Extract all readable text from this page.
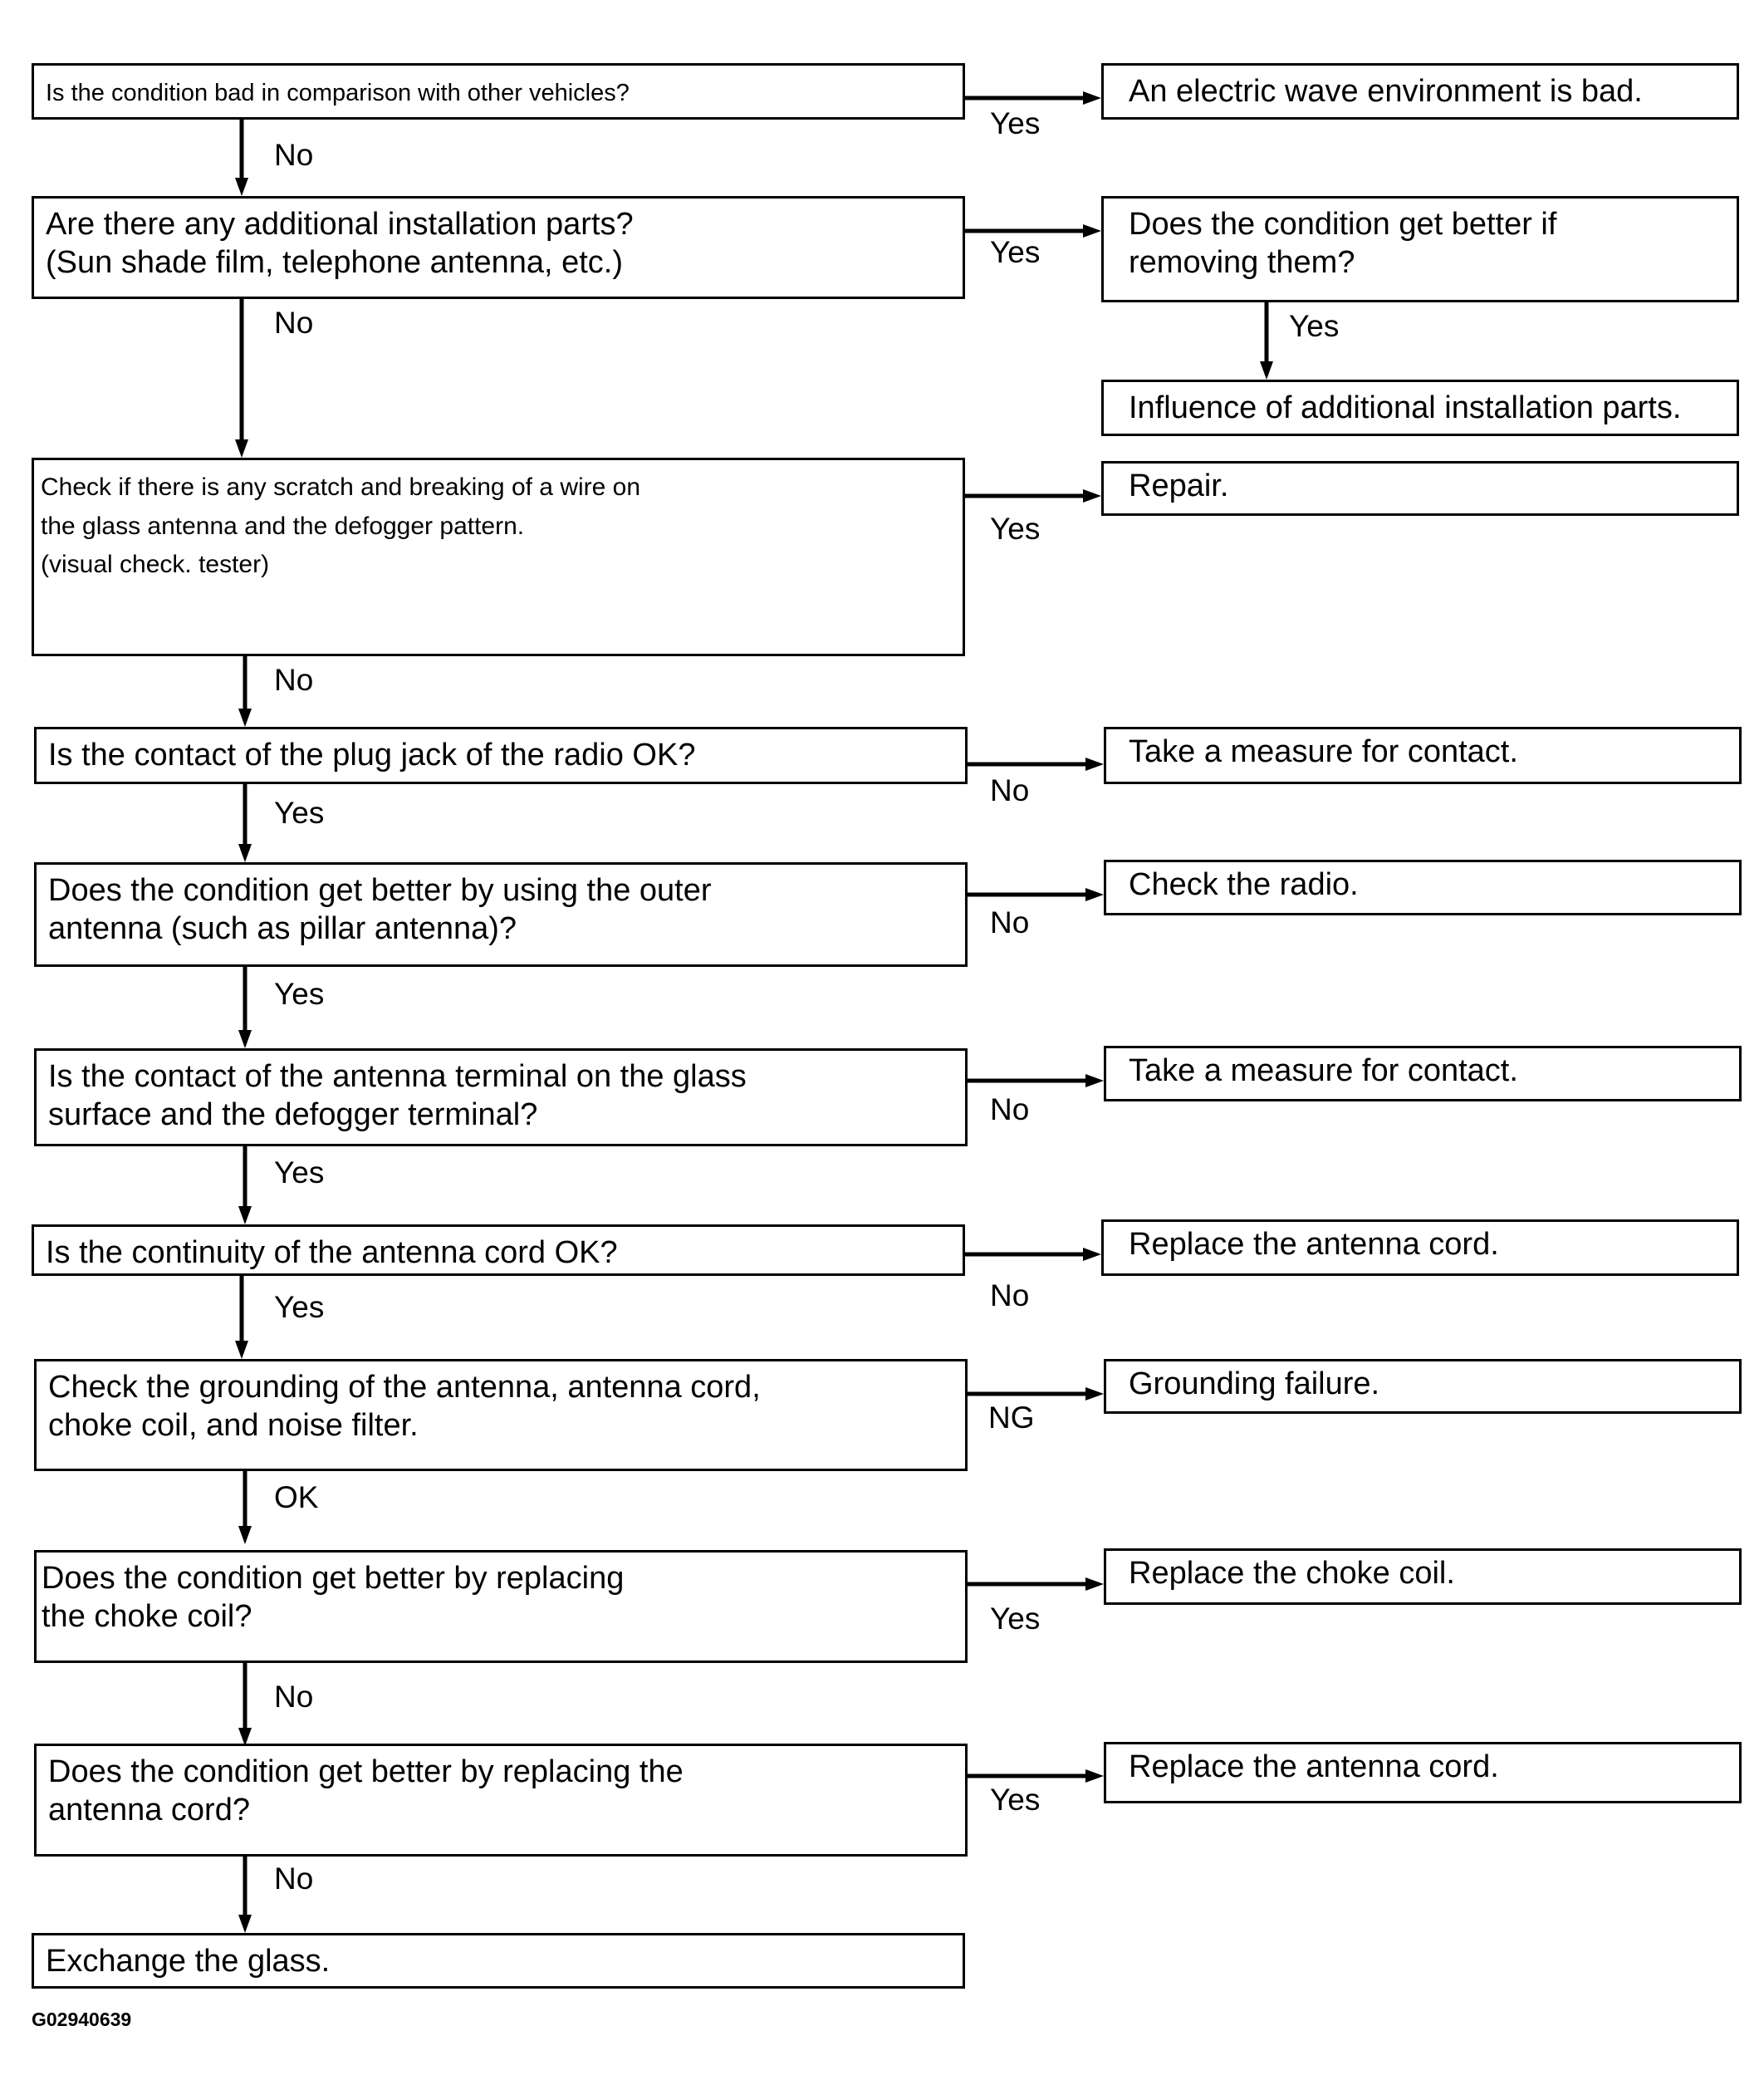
Is the condition bad in comparison with other vehicles?
Are there any additional installation parts?
(Sun shade film, telephone antenna, etc.)
Check if there is any scratch and breaking of a wire on
the glass antenna and the defogger pattern.
(visual check. tester)
Is the contact of the plug jack of the radio OK?
Does the condition get better by using the outer
antenna (such as pillar antenna)?
Is the contact of the antenna terminal on the glass
surface and the defogger terminal?
Is the continuity of the antenna cord OK?
Check the grounding of the antenna, antenna cord,
choke coil, and noise filter.
Does the condition get better by replacing
the choke coil?
Does the condition get better by replacing the
antenna cord?
Exchange the glass.
An electric wave environment is bad.
Does the condition get better if
removing them?
Influence of additional installation parts.
Repair.
Take a measure for contact.
Check the radio.
Take a measure for contact.
Replace the antenna cord.
Grounding failure.
Replace the choke coil.
Replace the antenna cord.
Yes
No
Yes
No	Yes
Yes
No
No
Yes
No
Yes
No
Yes
No
Yes
NG
OK
Yes
No
Yes
No
G02940639
